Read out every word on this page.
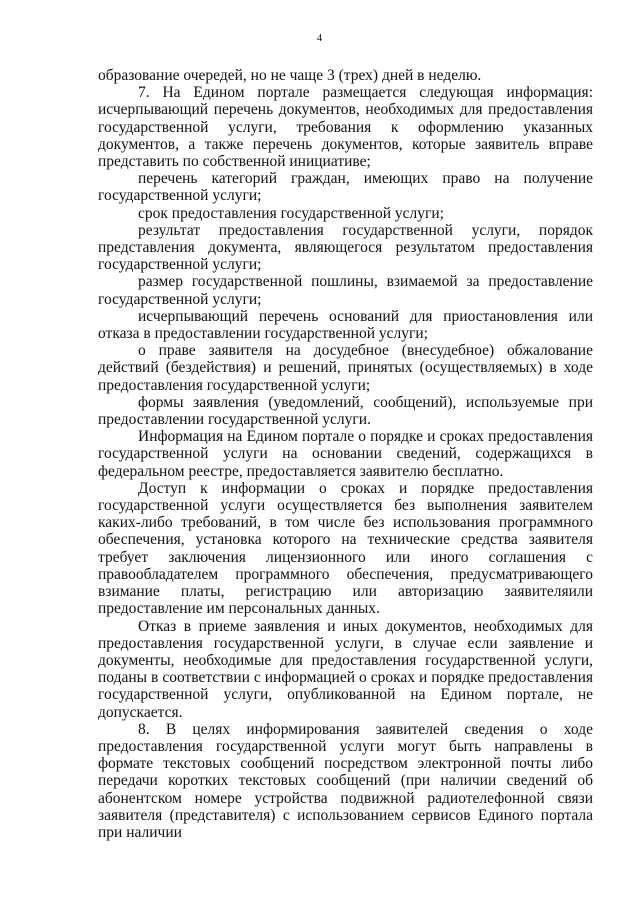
4

образование очередей, но не чаще 3 (трех) дней в неделю.

7. На Едином портале размещается следующая информация: исчерпывающий перечень документов, необходимых для предоставления государственной услуги, требования к оформлению указанных документов, а также перечень документов, которые заявитель вправе представить по собственной инициативе;

перечень категорий граждан, имеющих право на получение государственной услуги;

срок предоставления государственной услуги;

результат предоставления государственной услуги, порядок представления документа, являющегося результатом предоставления государственной услуги;

размер государственной пошлины, взимаемой за предоставление государственной услуги;

исчерпывающий перечень оснований для приостановления или отказа в предоставлении государственной услуги;

о праве заявителя на досудебное (внесудебное) обжалование действий (бездействия) и решений, принятых (осуществляемых) в ходе предоставления государственной услуги;

формы заявления (уведомлений, сообщений), используемые при предоставлении государственной услуги.

Информация на Едином портале о порядке и сроках предоставления государственной услуги на основании сведений, содержащихся в федеральном реестре, предоставляется заявителю бесплатно.

Доступ к информации о сроках и порядке предоставления государственной услуги осуществляется без выполнения заявителем каких-либо требований, в том числе без использования программного обеспечения, установка которого на технические средства заявителя требует заключения лицензионного или иного соглашения с правообладателем программного обеспечения, предусматривающего взимание платы, регистрацию или авторизацию заявителяили предоставление им персональных данных.

Отказ в приеме заявления и иных документов, необходимых для предоставления государственной услуги, в случае если заявление и документы, необходимые для предоставления государственной услуги, поданы в соответствии с информацией о сроках и порядке предоставления государственной услуги, опубликованной на Едином портале, не допускается.

8. В целях информирования заявителей сведения о ходе предоставления государственной услуги могут быть направлены в формате текстовых сообщений посредством электронной почты либо передачи коротких текстовых сообщений (при наличии сведений об абонентском номере устройства подвижной радиотелефонной связи заявителя (представителя) с использованием сервисов Единого портала при наличии
